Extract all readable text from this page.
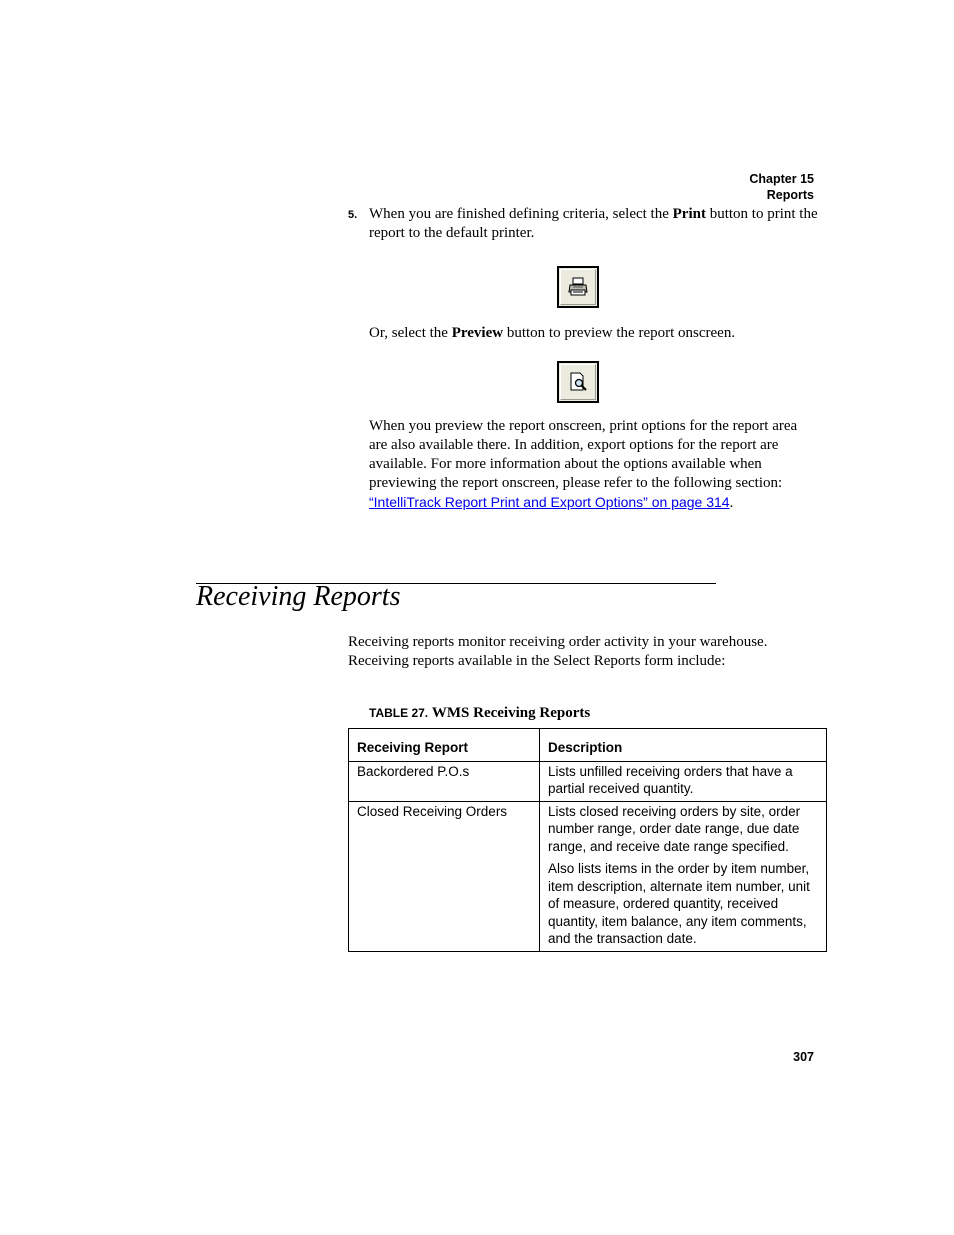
Chapter 15
Reports
5. When you are finished defining criteria, select the Print button to print the report to the default printer.
Or, select the Preview button to preview the report onscreen.
When you preview the report onscreen, print options for the report area are also available there. In addition, export options for the report are available. For more information about the options available when previewing the report onscreen, please refer to the following section: “IntelliTrack Report Print and Export Options” on page 314.
Receiving Reports
Receiving reports monitor receiving order activity in your warehouse. Receiving reports available in the Select Reports form include:
TABLE 27. WMS Receiving Reports
Receiving Report	Description
Backordered P.O.s	Lists unfilled receiving orders that have a partial received quantity.

Closed Receiving Orders	Lists closed receiving orders by site, order number range, order date range, due date range, and receive date range specified.

Also lists items in the order by item number, item description, alternate item number, unit of measure, ordered quantity, received quantity, item balance, any item comments, and the transaction date.

307
